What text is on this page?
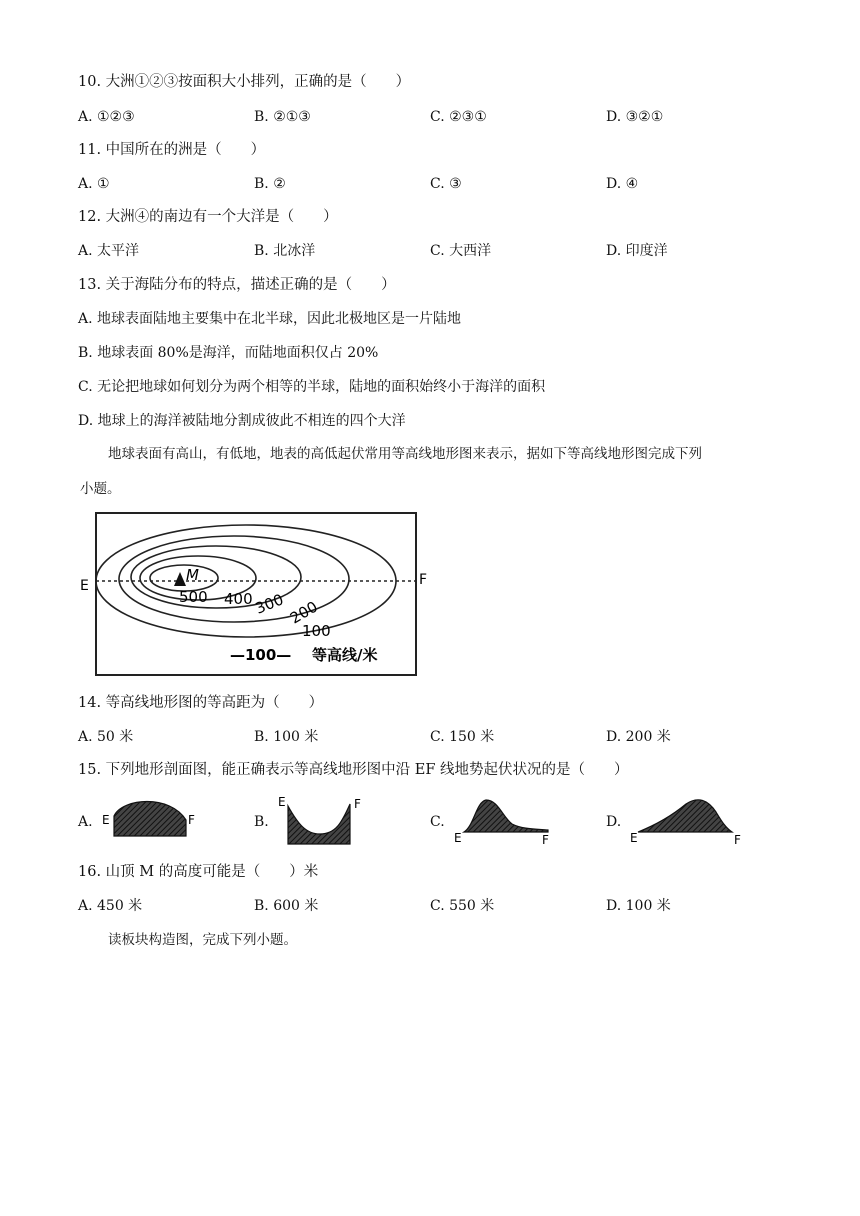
10. 大洲①②③按面积大小排列，正确的是（　　）
A. ①②③	B. ②①③	C. ②③①	D. ③②①
11. 中国所在的洲是（　　）
A. ①	B. ②	C. ③	D. ④
12. 大洲④的南边有一个大洋是（　　）
A. 太平洋	B. 北冰洋	C. 大西洋	D. 印度洋
13. 关于海陆分布的特点，描述正确的是（　　）
A. 地球表面陆地主要集中在北半球，因此北极地区是一片陆地
B. 地球表面 80%是海洋，而陆地面积仅占 20%
C. 无论把地球如何划分为两个相等的半球，陆地的面积始终小于海洋的面积
D. 地球上的海洋被陆地分割成彼此不相连的四个大洋
地球表面有高山，有低地，地表的高低起伏常用等高线地形图来表示，据如下等高线地形图完成下列
小题。
E	F
M
500 400 300 200
100
—100— 等高线/米
14. 等高线地形图的等高距为（　　）
A. 50 米	B. 100 米	C. 150 米	D. 200 米
15. 下列地形剖面图，能正确表示等高线地形图中沿 EF 线地势起伏状况的是（　　）
A. E	F	B.
E	F
C.
E	F
D.
E	F
16. 山顶 M 的高度可能是（　　）米
A. 450 米	B. 600 米	C. 550 米	D. 100 米
读板块构造图，完成下列小题。
